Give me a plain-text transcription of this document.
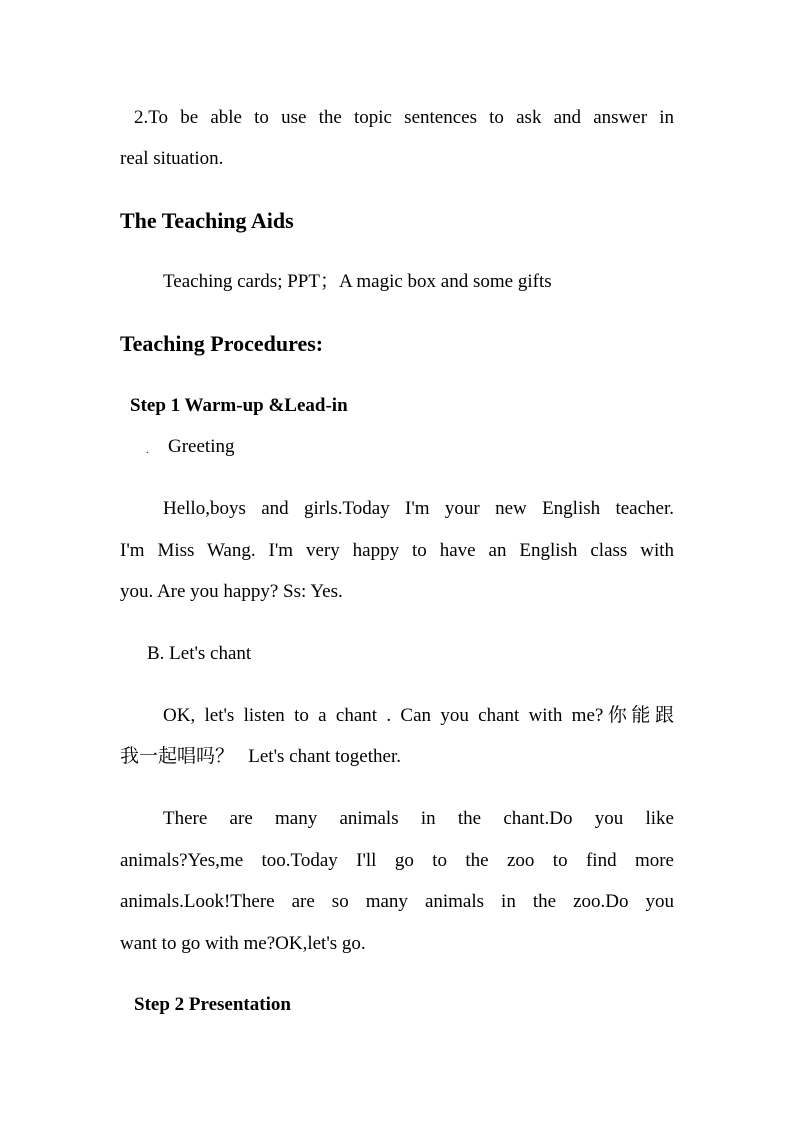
2.To be able to use the topic sentences to ask and answer in
real situation.
The Teaching Aids
Teaching cards; PPT；A magic box and some gifts
Teaching Procedures:
Step 1 Warm-up &Lead-in
. Greeting
Hello,boys and girls.Today I'm your new English teacher.
I'm Miss Wang. I'm very happy to have an English class with
you. Are you happy? Ss: Yes.
B. Let's chant
OK, let's listen to a chant . Can you chant with me?你能跟
我一起唱吗？   Let's chant together.
There are many animals in the chant.Do you like
animals?Yes,me too.Today I'll go to the zoo to find more
animals.Look!There are so many animals in the zoo.Do you
want to go with me?OK,let's go.
Step 2 Presentation
